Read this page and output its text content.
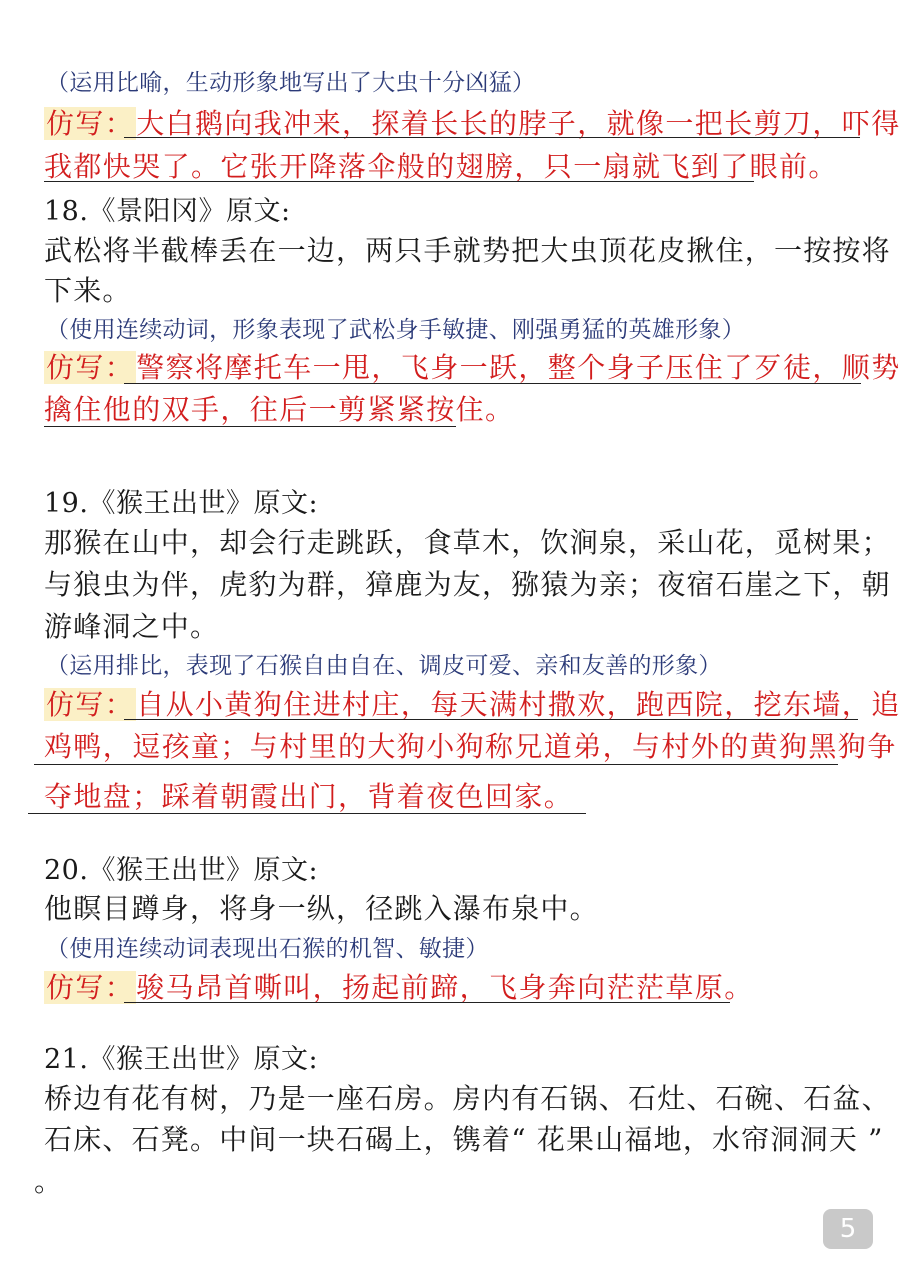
（运用比喻，生动形象地写出了大虫十分凶猛）

仿写：大白鹅向我冲来，探着长长的脖子，就像一把长剪刀，吓得

我都快哭了。它张开降落伞般的翅膀，只一扇就飞到了眼前。

18.《景阳冈》原文:

武松将半截棒丢在一边，两只手就势把大虫顶花皮揪住，一按按将

下来。

（使用连续动词，形象表现了武松身手敏捷、刚强勇猛的英雄形象）

仿写：警察将摩托车一甩，飞身一跃，整个身子压住了歹徒，顺势

擒住他的双手，往后一剪紧紧按住。

19.《猴王出世》原文:

那猴在山中，却会行走跳跃，食草木，饮涧泉，采山花，觅树果；

与狼虫为伴，虎豹为群，獐鹿为友，猕猿为亲；夜宿石崖之下，朝

游峰洞之中。

（运用排比，表现了石猴自由自在、调皮可爱、亲和友善的形象）

仿写：自从小黄狗住进村庄，每天满村撒欢，跑西院，挖东墙，追

鸡鸭，逗孩童；与村里的大狗小狗称兄道弟，与村外的黄狗黑狗争

夺地盘；踩着朝霞出门，背着夜色回家。

20.《猴王出世》原文:

他瞑目蹲身，将身一纵，径跳入瀑布泉中。

（使用连续动词表现出石猴的机智、敏捷）

仿写：骏马昂首嘶叫，扬起前蹄，飞身奔向茫茫草原。

21.《猴王出世》原文:

桥边有花有树，乃是一座石房。房内有石锅、石灶、石碗、石盆、

石床、石凳。中间一块石碣上，镌着“ 花果山福地，水帘洞洞天 ”

。

5
